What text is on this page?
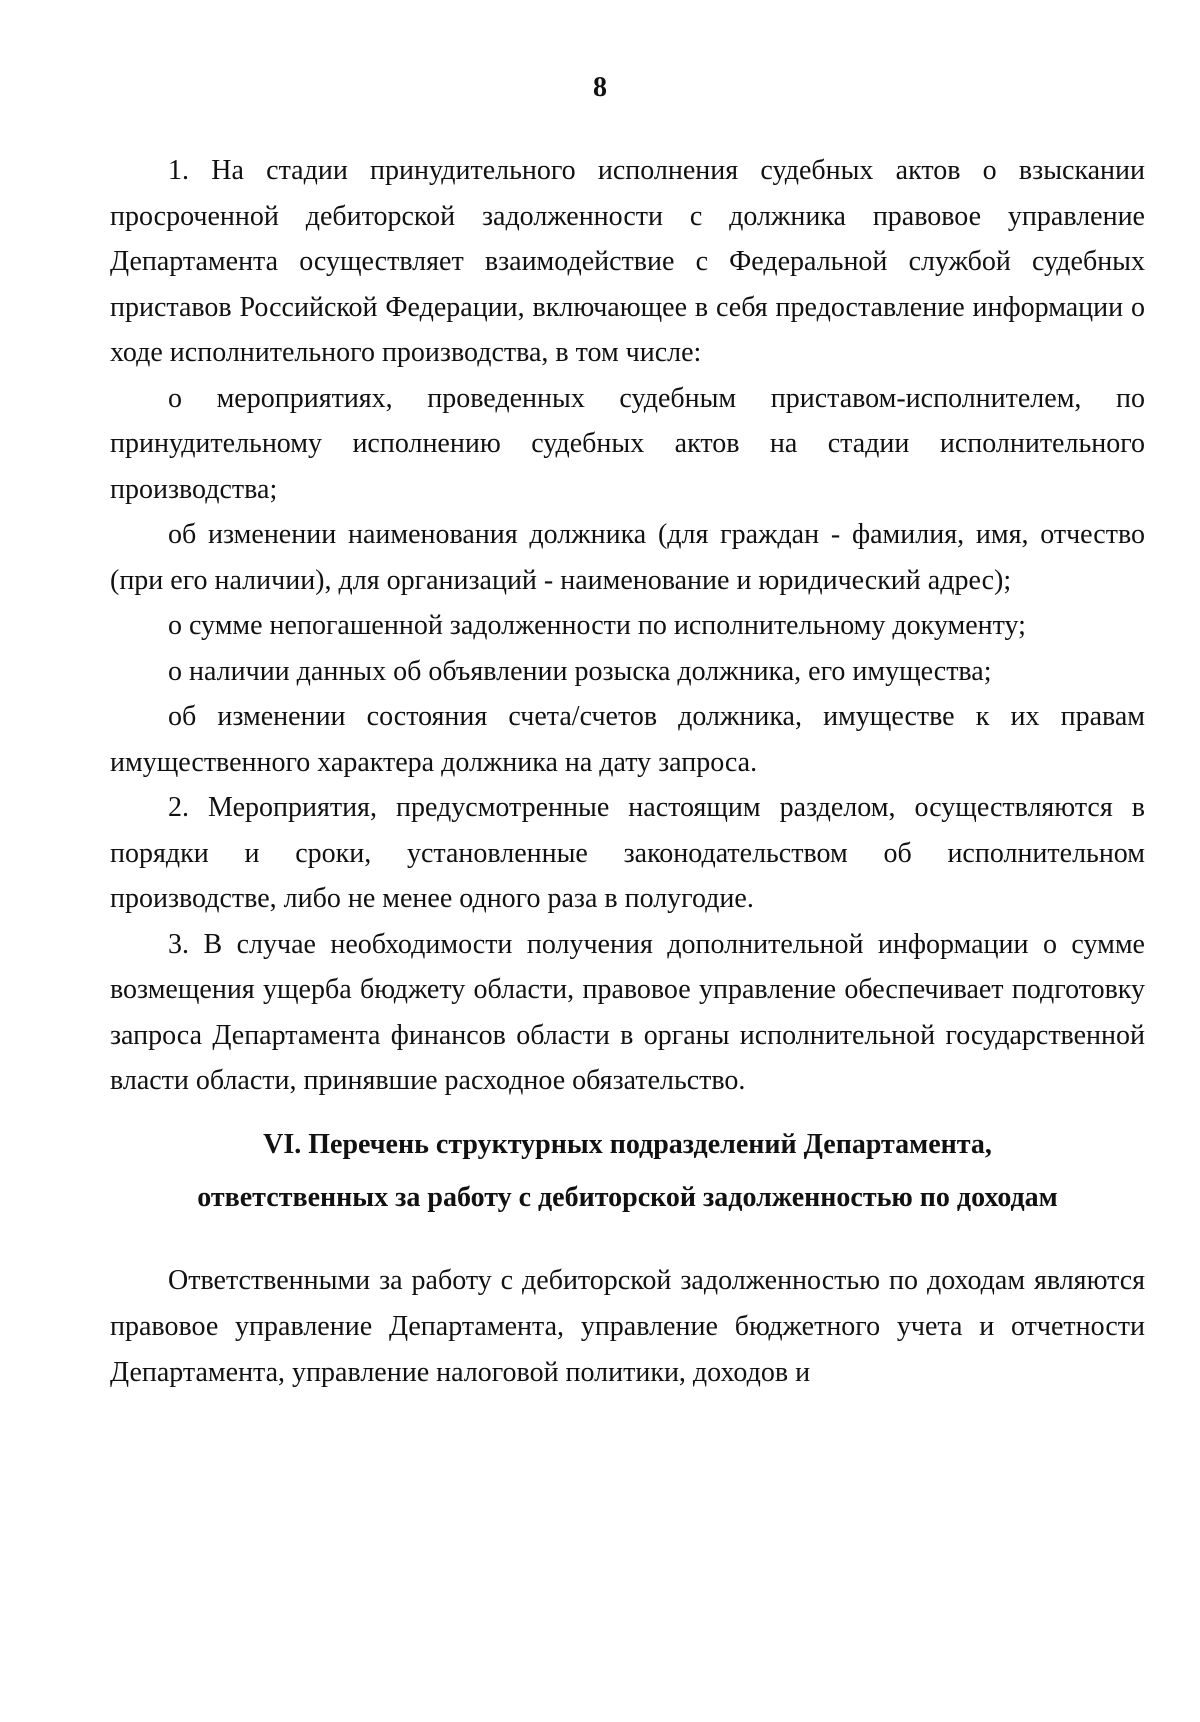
8

1. На стадии принудительного исполнения судебных актов о взыскании просроченной дебиторской задолженности с должника правовое управление Департамента осуществляет взаимодействие с Федеральной службой судебных приставов Российской Федерации, включающее в себя предоставление информации о ходе исполнительного производства, в том числе:

о мероприятиях, проведенных судебным приставом-исполнителем, по принудительному исполнению судебных актов на стадии исполнительного производства;

об изменении наименования должника (для граждан - фамилия, имя, отчество (при его наличии), для организаций - наименование и юридический адрес);

о сумме непогашенной задолженности по исполнительному документу;

о наличии данных об объявлении розыска должника, его имущества;

об изменении состояния счета/счетов должника, имуществе к их правам имущественного характера должника на дату запроса.

2. Мероприятия, предусмотренные настоящим разделом, осуществляются в порядки и сроки, установленные законодательством об исполнительном производстве, либо не менее одного раза в полугодие.

3. В случае необходимости получения дополнительной информации о сумме возмещения ущерба бюджету области, правовое управление обеспечивает подготовку запроса Департамента финансов области в органы исполнительной государственной власти области, принявшие расходное обязательство.

VI. Перечень структурных подразделений Департамента,
ответственных за работу с дебиторской задолженностью по доходам

Ответственными за работу с дебиторской задолженностью по доходам являются правовое управление Департамента, управление бюджетного учета и отчетности Департамента, управление налоговой политики, доходов и
